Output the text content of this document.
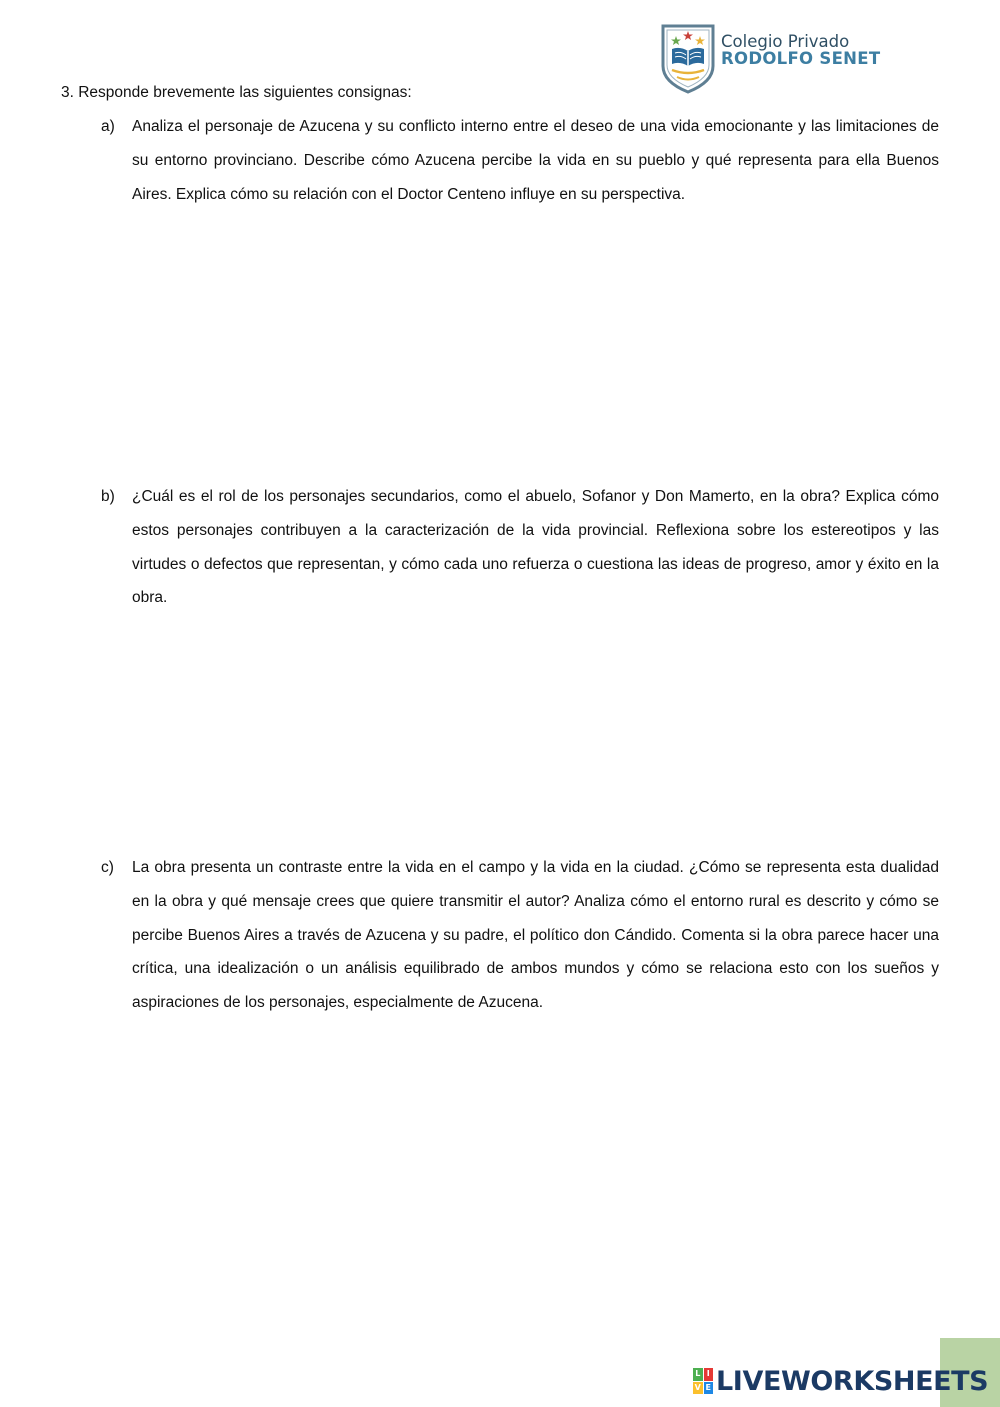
Colegio Privado
RODOLFO SENET
3. Responde brevemente las siguientes consignas:
a) Analiza el personaje de Azucena y su conflicto interno entre el deseo de una vida emocionante y las limitaciones de su entorno provinciano. Describe cómo Azucena percibe la vida en su pueblo y qué representa para ella Buenos Aires. Explica cómo su relación con el Doctor Centeno influye en su perspectiva.
b) ¿Cuál es el rol de los personajes secundarios, como el abuelo, Sofanor y Don Mamerto, en la obra? Explica cómo estos personajes contribuyen a la caracterización de la vida provincial. Reflexiona sobre los estereotipos y las virtudes o defectos que representan, y cómo cada uno refuerza o cuestiona las ideas de progreso, amor y éxito en la obra.
c) La obra presenta un contraste entre la vida en el campo y la vida en la ciudad. ¿Cómo se representa esta dualidad en la obra y qué mensaje crees que quiere transmitir el autor? Analiza cómo el entorno rural es descrito y cómo se percibe Buenos Aires a través de Azucena y su padre, el político don Cándido. Comenta si la obra parece hacer una crítica, una idealización o un análisis equilibrado de ambos mundos y cómo se relaciona esto con los sueños y aspiraciones de los personajes, especialmente de Azucena.
L I
V E LIVEWORKSHEETS
